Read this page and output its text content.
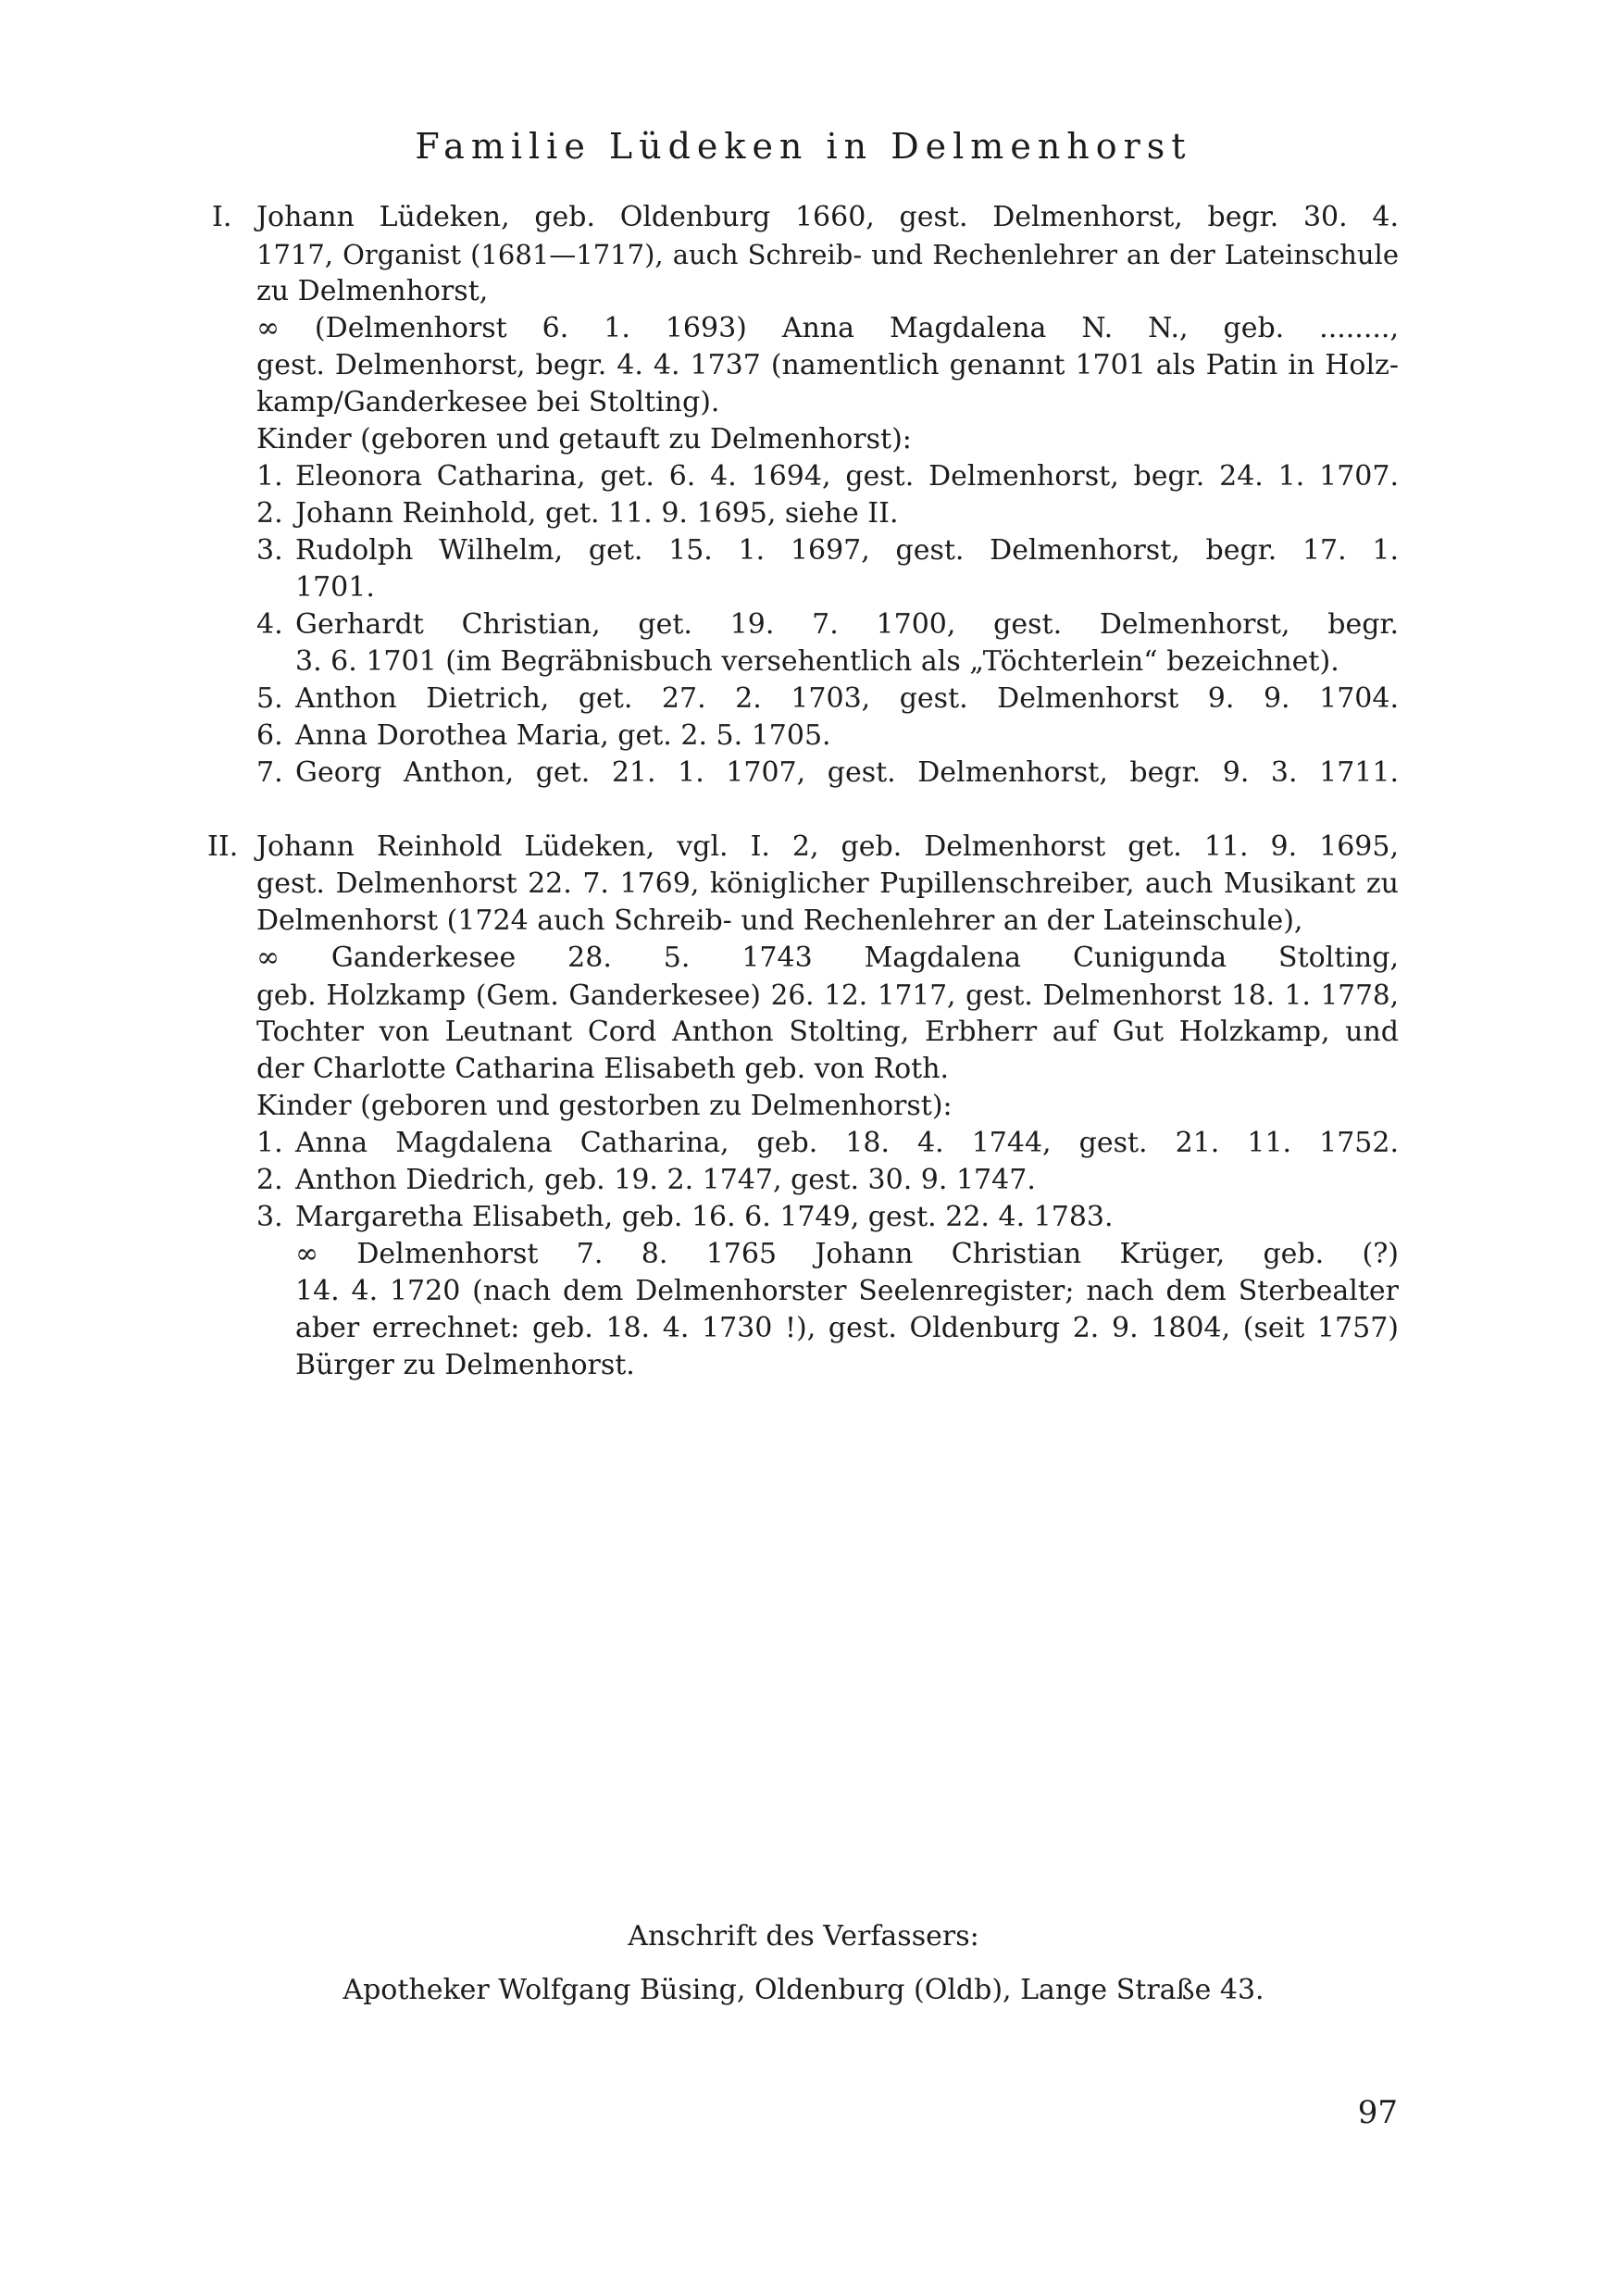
Familie Lüdeken in Delmenhorst
I. Johann Lüdeken, geb. Oldenburg 1660, gest. Delmenhorst, begr. 30. 4.
1717, Organist (1681—1717), auch Schreib- und Rechenlehrer an der Lateinschule
zu Delmenhorst,
∞ (Delmenhorst 6. 1. 1693) Anna Magdalena N. N., geb. ........,
gest. Delmenhorst, begr. 4. 4. 1737 (namentlich genannt 1701 als Patin in Holz-
kamp/Ganderkesee bei Stolting).
Kinder (geboren und getauft zu Delmenhorst):
1. Eleonora Catharina, get. 6. 4. 1694, gest. Delmenhorst, begr. 24. 1. 1707.
2. Johann Reinhold, get. 11. 9. 1695, siehe II.
3. Rudolph Wilhelm, get. 15. 1. 1697, gest. Delmenhorst, begr. 17. 1.
1701.
4. Gerhardt Christian, get. 19. 7. 1700, gest. Delmenhorst, begr.
3. 6. 1701 (im Begräbnisbuch versehentlich als „Töchterlein“ bezeichnet).
5. Anthon Dietrich, get. 27. 2. 1703, gest. Delmenhorst 9. 9. 1704.
6. Anna Dorothea Maria, get. 2. 5. 1705.
7. Georg Anthon, get. 21. 1. 1707, gest. Delmenhorst, begr. 9. 3. 1711.
II. Johann Reinhold Lüdeken, vgl. I. 2, geb. Delmenhorst get. 11. 9. 1695,
gest. Delmenhorst 22. 7. 1769, königlicher Pupillenschreiber, auch Musikant zu
Delmenhorst (1724 auch Schreib- und Rechenlehrer an der Lateinschule),
∞ Ganderkesee 28. 5. 1743 Magdalena Cunigunda Stolting,
geb. Holzkamp (Gem. Ganderkesee) 26. 12. 1717, gest. Delmenhorst 18. 1. 1778,
Tochter von Leutnant Cord Anthon Stolting, Erbherr auf Gut Holzkamp, und
der Charlotte Catharina Elisabeth geb. von Roth.
Kinder (geboren und gestorben zu Delmenhorst):
1. Anna Magdalena Catharina, geb. 18. 4. 1744, gest. 21. 11. 1752.
2. Anthon Diedrich, geb. 19. 2. 1747, gest. 30. 9. 1747.
3. Margaretha Elisabeth, geb. 16. 6. 1749, gest. 22. 4. 1783.
∞ Delmenhorst 7. 8. 1765 Johann Christian Krüger, geb. (?)
14. 4. 1720 (nach dem Delmenhorster Seelenregister; nach dem Sterbealter
aber errechnet: geb. 18. 4. 1730 !), gest. Oldenburg 2. 9. 1804, (seit 1757)
Bürger zu Delmenhorst.
Anschrift des Verfassers:
Apotheker Wolfgang Büsing, Oldenburg (Oldb), Lange Straße 43.
97
